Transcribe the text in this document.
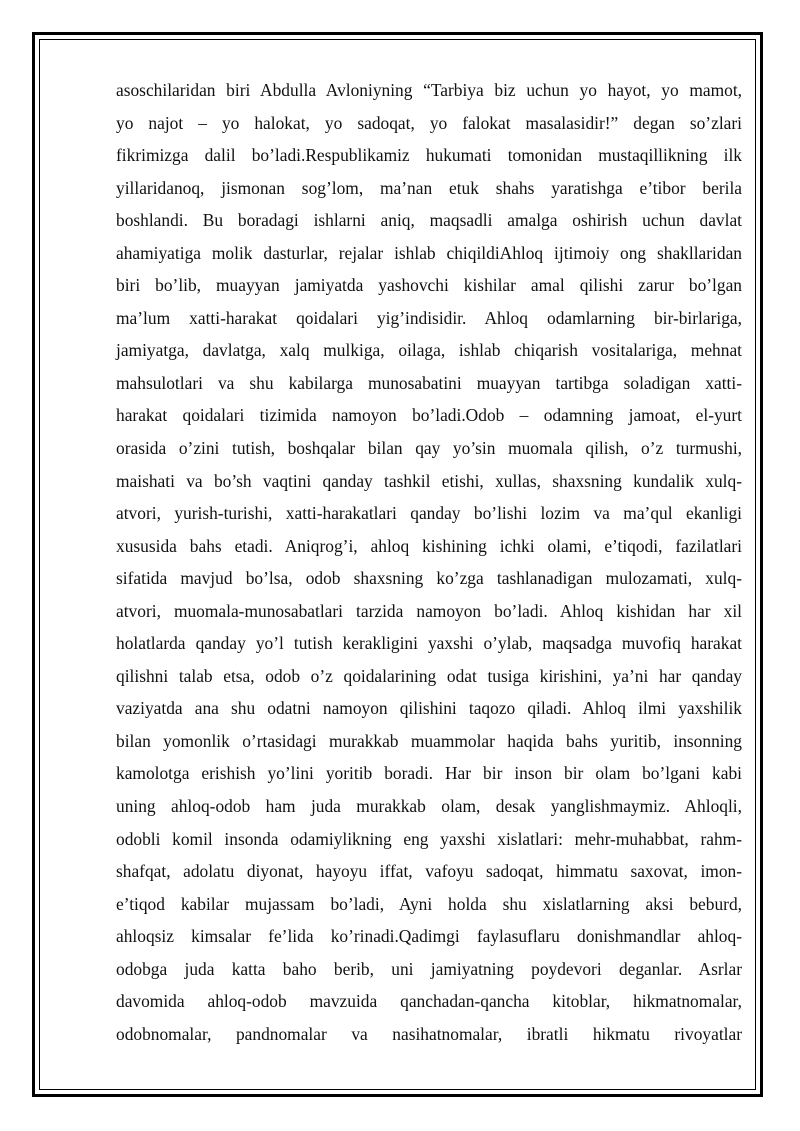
asoschilaridan biri Abdulla Avloniyning “Tarbiya biz uchun yo hayot, yo mamot,
yo najot – yo halokat, yo sadoqat, yo falokat masalasidir!” degan so’zlari
fikrimizga dalil bo’ladi.Respublikamiz hukumati tomonidan mustaqillikning ilk
yillaridanoq, jismonan sog’lom, ma’nan etuk shahs yaratishga e’tibor berila
boshlandi. Bu boradagi ishlarni aniq, maqsadli amalga oshirish uchun davlat
ahamiyatiga molik dasturlar, rejalar ishlab chiqildiAhloq ijtimoiy ong shakllaridan
biri bo’lib, muayyan jamiyatda yashovchi kishilar amal qilishi zarur bo’lgan
ma’lum xatti-harakat qoidalari yig’indisidir. Ahloq odamlarning bir-birlariga,
jamiyatga, davlatga, xalq mulkiga, oilaga, ishlab chiqarish vositalariga, mehnat
mahsulotlari va shu kabilarga munosabatini muayyan tartibga soladigan xatti-
harakat qoidalari tizimida namoyon bo’ladi.Odob – odamning jamoat, el-yurt
orasida o’zini tutish, boshqalar bilan qay yo’sin muomala qilish, o’z turmushi,
maishati va bo’sh vaqtini qanday tashkil etishi, xullas, shaxsning kundalik xulq-
atvori, yurish-turishi, xatti-harakatlari qanday bo’lishi lozim va ma’qul ekanligi
xususida bahs etadi. Aniqrog’i, ahloq kishining ichki olami, e’tiqodi, fazilatlari
sifatida mavjud bo’lsa, odob shaxsning ko’zga tashlanadigan mulozamati, xulq-
atvori, muomala-munosabatlari tarzida namoyon bo’ladi. Ahloq kishidan har xil
holatlarda qanday yo’l tutish kerakligini yaxshi o’ylab, maqsadga muvofiq harakat
qilishni talab etsa, odob o’z qoidalarining odat tusiga kirishini, ya’ni har qanday
vaziyatda ana shu odatni namoyon qilishini taqozo qiladi. Ahloq ilmi yaxshilik
bilan yomonlik o’rtasidagi murakkab muammolar haqida bahs yuritib, insonning
kamolotga erishish yo’lini yoritib boradi. Har bir inson bir olam bo’lgani kabi
uning ahloq-odob ham juda murakkab olam, desak yanglishmaymiz. Ahloqli,
odobli komil insonda odamiylikning eng yaxshi xislatlari: mehr-muhabbat, rahm-
shafqat, adolatu diyonat, hayoyu iffat, vafoyu sadoqat, himmatu saxovat, imon-
e’tiqod kabilar mujassam bo’ladi, Ayni holda shu xislatlarning aksi beburd,
ahloqsiz kimsalar fe’lida ko’rinadi.Qadimgi faylasuflaru donishmandlar ahloq-
odobga juda katta baho berib, uni jamiyatning poydevori deganlar. Asrlar
davomida ahloq-odob mavzuida qanchadan-qancha kitoblar, hikmatnomalar,
odobnomalar, pandnomalar va nasihatnomalar, ibratli hikmatu rivoyatlar
